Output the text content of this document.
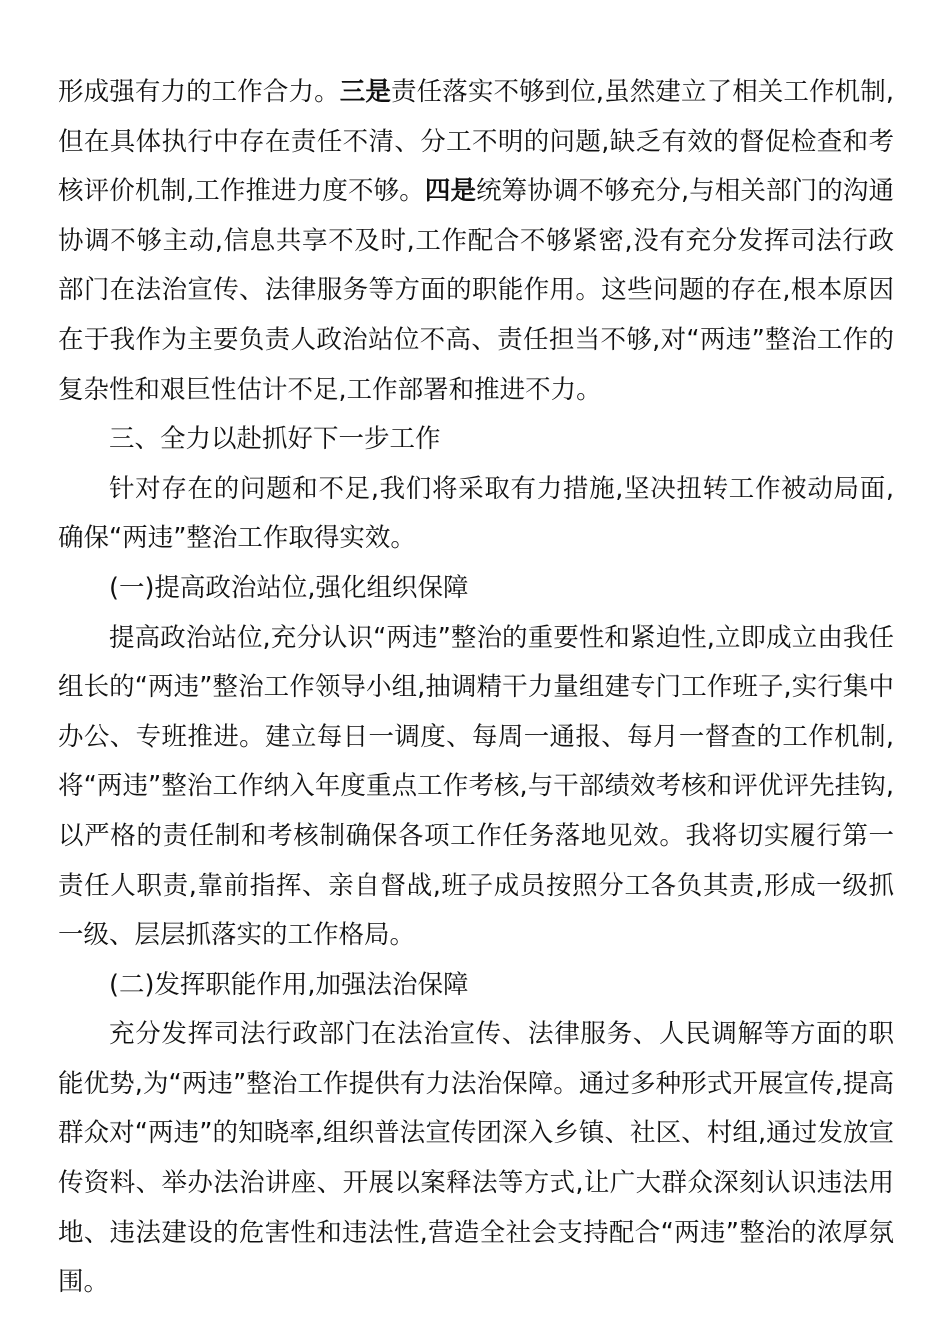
形成强有力的工作合力。三是责任落实不够到位,虽然建立了相关工作机制,但在具体执行中存在责任不清、分工不明的问题,缺乏有效的督促检查和考核评价机制,工作推进力度不够。四是统筹协调不够充分,与相关部门的沟通协调不够主动,信息共享不及时,工作配合不够紧密,没有充分发挥司法行政部门在法治宣传、法律服务等方面的职能作用。这些问题的存在,根本原因在于我作为主要负责人政治站位不高、责任担当不够,对“两违”整治工作的复杂性和艰巨性估计不足,工作部署和推进不力。

三、全力以赴抓好下一步工作

针对存在的问题和不足,我们将采取有力措施,坚决扭转工作被动局面,确保“两违”整治工作取得实效。

(一)提高政治站位,强化组织保障

提高政治站位,充分认识“两违”整治的重要性和紧迫性,立即成立由我任组长的“两违”整治工作领导小组,抽调精干力量组建专门工作班子,实行集中办公、专班推进。建立每日一调度、每周一通报、每月一督查的工作机制,将“两违”整治工作纳入年度重点工作考核,与干部绩效考核和评优评先挂钩,以严格的责任制和考核制确保各项工作任务落地见效。我将切实履行第一责任人职责,靠前指挥、亲自督战,班子成员按照分工各负其责,形成一级抓一级、层层抓落实的工作格局。

(二)发挥职能作用,加强法治保障

充分发挥司法行政部门在法治宣传、法律服务、人民调解等方面的职能优势,为“两违”整治工作提供有力法治保障。通过多种形式开展宣传,提高群众对“两违”的知晓率,组织普法宣传团深入乡镇、社区、村组,通过发放宣传资料、举办法治讲座、开展以案释法等方式,让广大群众深刻认识违法用地、违法建设的危害性和违法性,营造全社会支持配合“两违”整治的浓厚氛围。
